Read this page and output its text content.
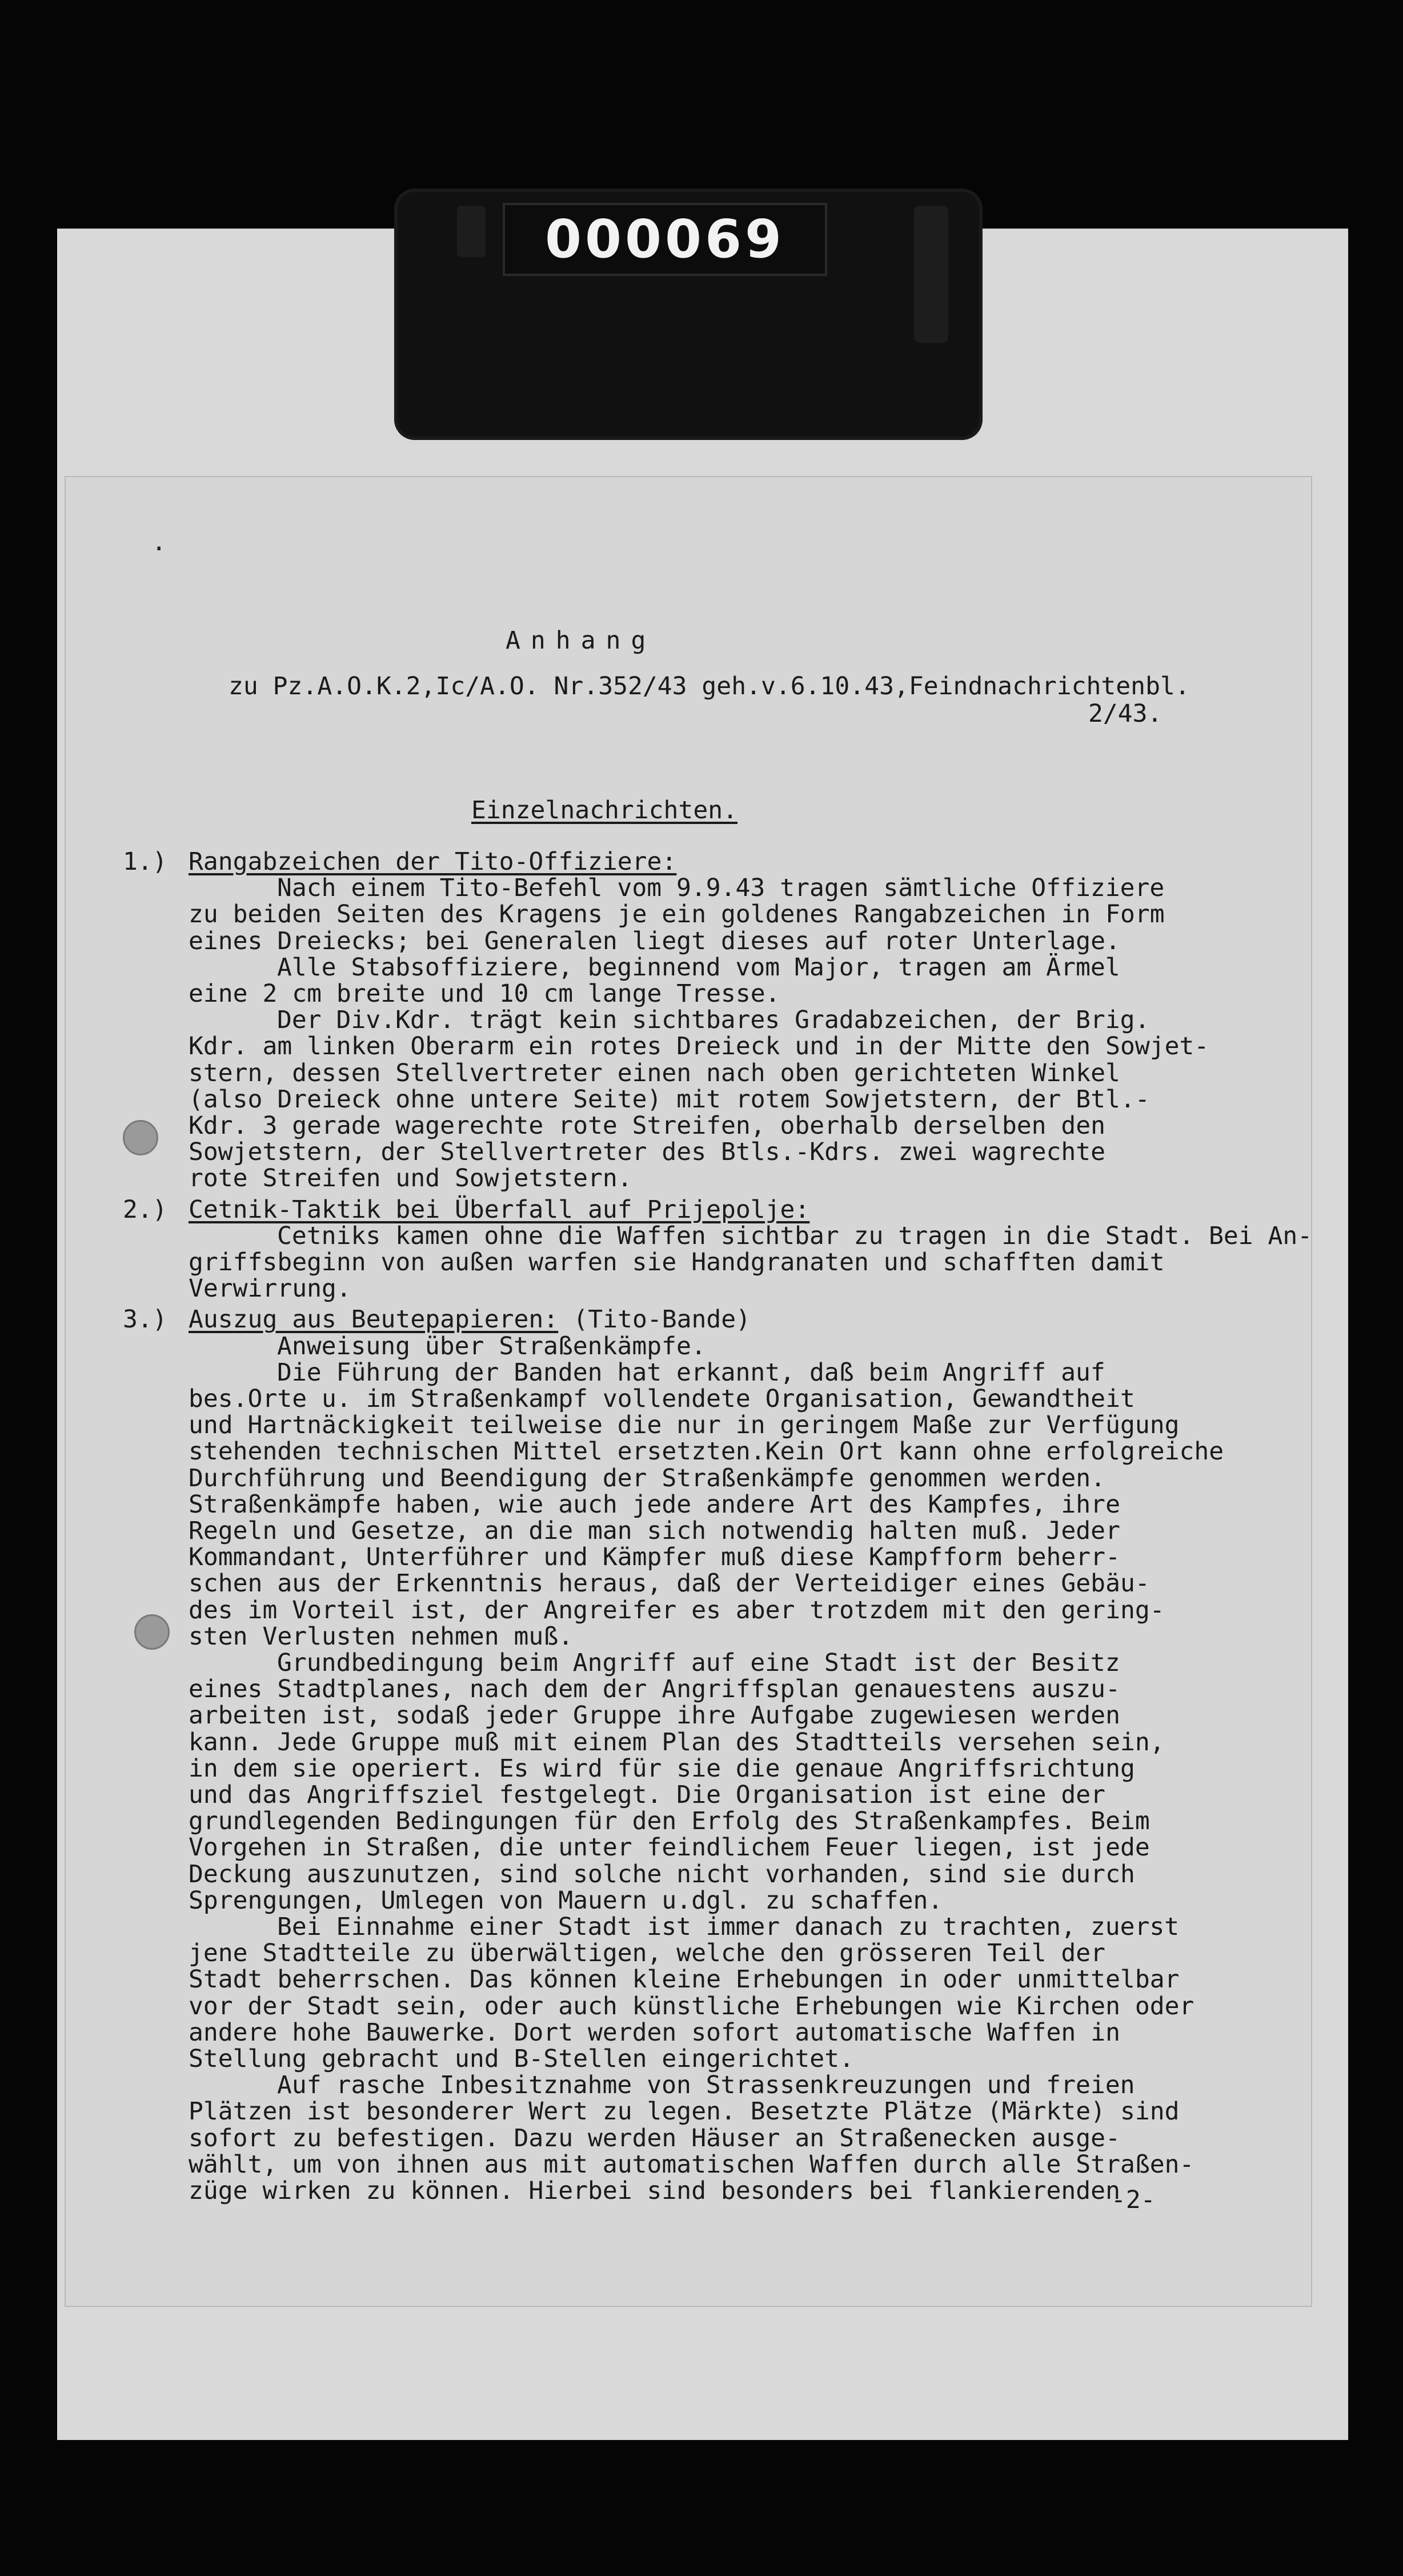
000069
·
Anhang
zu Pz.A.O.K.2,Ic/A.O. Nr.352/43 geh.v.6.10.43,Feindnachrichtenbl.
2/43.
Einzelnachrichten.
1.) Rangabzeichen der Tito-Offiziere:
Nach einem Tito-Befehl vom 9.9.43 tragen sämtliche Offiziere
zu beiden Seiten des Kragens je ein goldenes Rangabzeichen in Form
eines Dreiecks; bei Generalen liegt dieses auf roter Unterlage.
Alle Stabsoffiziere, beginnend vom Major, tragen am Ärmel
eine 2 cm breite und 10 cm lange Tresse.
Der Div.Kdr. trägt kein sichtbares Gradabzeichen, der Brig.
Kdr. am linken Oberarm ein rotes Dreieck und in der Mitte den Sowjet-
stern, dessen Stellvertreter einen nach oben gerichteten Winkel
(also Dreieck ohne untere Seite) mit rotem Sowjetstern, der Btl.-
Kdr. 3 gerade wagerechte rote Streifen, oberhalb derselben den
Sowjetstern, der Stellvertreter des Btls.-Kdrs. zwei wagrechte
rote Streifen und Sowjetstern.
2.) Cetnik-Taktik bei Überfall auf Prijepolje:
Cetniks kamen ohne die Waffen sichtbar zu tragen in die Stadt. Bei An-
griffsbeginn von außen warfen sie Handgranaten und schafften damit
Verwirrung.
3.) Auszug aus Beutepapieren: (Tito-Bande)
Anweisung über Straßenkämpfe.
Die Führung der Banden hat erkannt, daß beim Angriff auf
bes.Orte u. im Straßenkampf vollendete Organisation, Gewandtheit
und Hartnäckigkeit teilweise die nur in geringem Maße zur Verfügung
stehenden technischen Mittel ersetzten.Kein Ort kann ohne erfolgreiche
Durchführung und Beendigung der Straßenkämpfe genommen werden.
Straßenkämpfe haben, wie auch jede andere Art des Kampfes, ihre
Regeln und Gesetze, an die man sich notwendig halten muß. Jeder
Kommandant, Unterführer und Kämpfer muß diese Kampfform beherr-
schen aus der Erkenntnis heraus, daß der Verteidiger eines Gebäu-
des im Vorteil ist, der Angreifer es aber trotzdem mit den gering-
sten Verlusten nehmen muß.
Grundbedingung beim Angriff auf eine Stadt ist der Besitz
eines Stadtplanes, nach dem der Angriffsplan genauestens auszu-
arbeiten ist, sodaß jeder Gruppe ihre Aufgabe zugewiesen werden
kann. Jede Gruppe muß mit einem Plan des Stadtteils versehen sein,
in dem sie operiert. Es wird für sie die genaue Angriffsrichtung
und das Angriffsziel festgelegt. Die Organisation ist eine der
grundlegenden Bedingungen für den Erfolg des Straßenkampfes. Beim
Vorgehen in Straßen, die unter feindlichem Feuer liegen, ist jede
Deckung auszunutzen, sind solche nicht vorhanden, sind sie durch
Sprengungen, Umlegen von Mauern u.dgl. zu schaffen.
Bei Einnahme einer Stadt ist immer danach zu trachten, zuerst
jene Stadtteile zu überwältigen, welche den grösseren Teil der
Stadt beherrschen. Das können kleine Erhebungen in oder unmittelbar
vor der Stadt sein, oder auch künstliche Erhebungen wie Kirchen oder
andere hohe Bauwerke. Dort werden sofort automatische Waffen in
Stellung gebracht und B-Stellen eingerichtet.
Auf rasche Inbesitznahme von Strassenkreuzungen und freien
Plätzen ist besonderer Wert zu legen. Besetzte Plätze (Märkte) sind
sofort zu befestigen. Dazu werden Häuser an Straßenecken ausge-
wählt, um von ihnen aus mit automatischen Waffen durch alle Straßen-
züge wirken zu können. Hierbei sind besonders bei flankierenden
-2-
